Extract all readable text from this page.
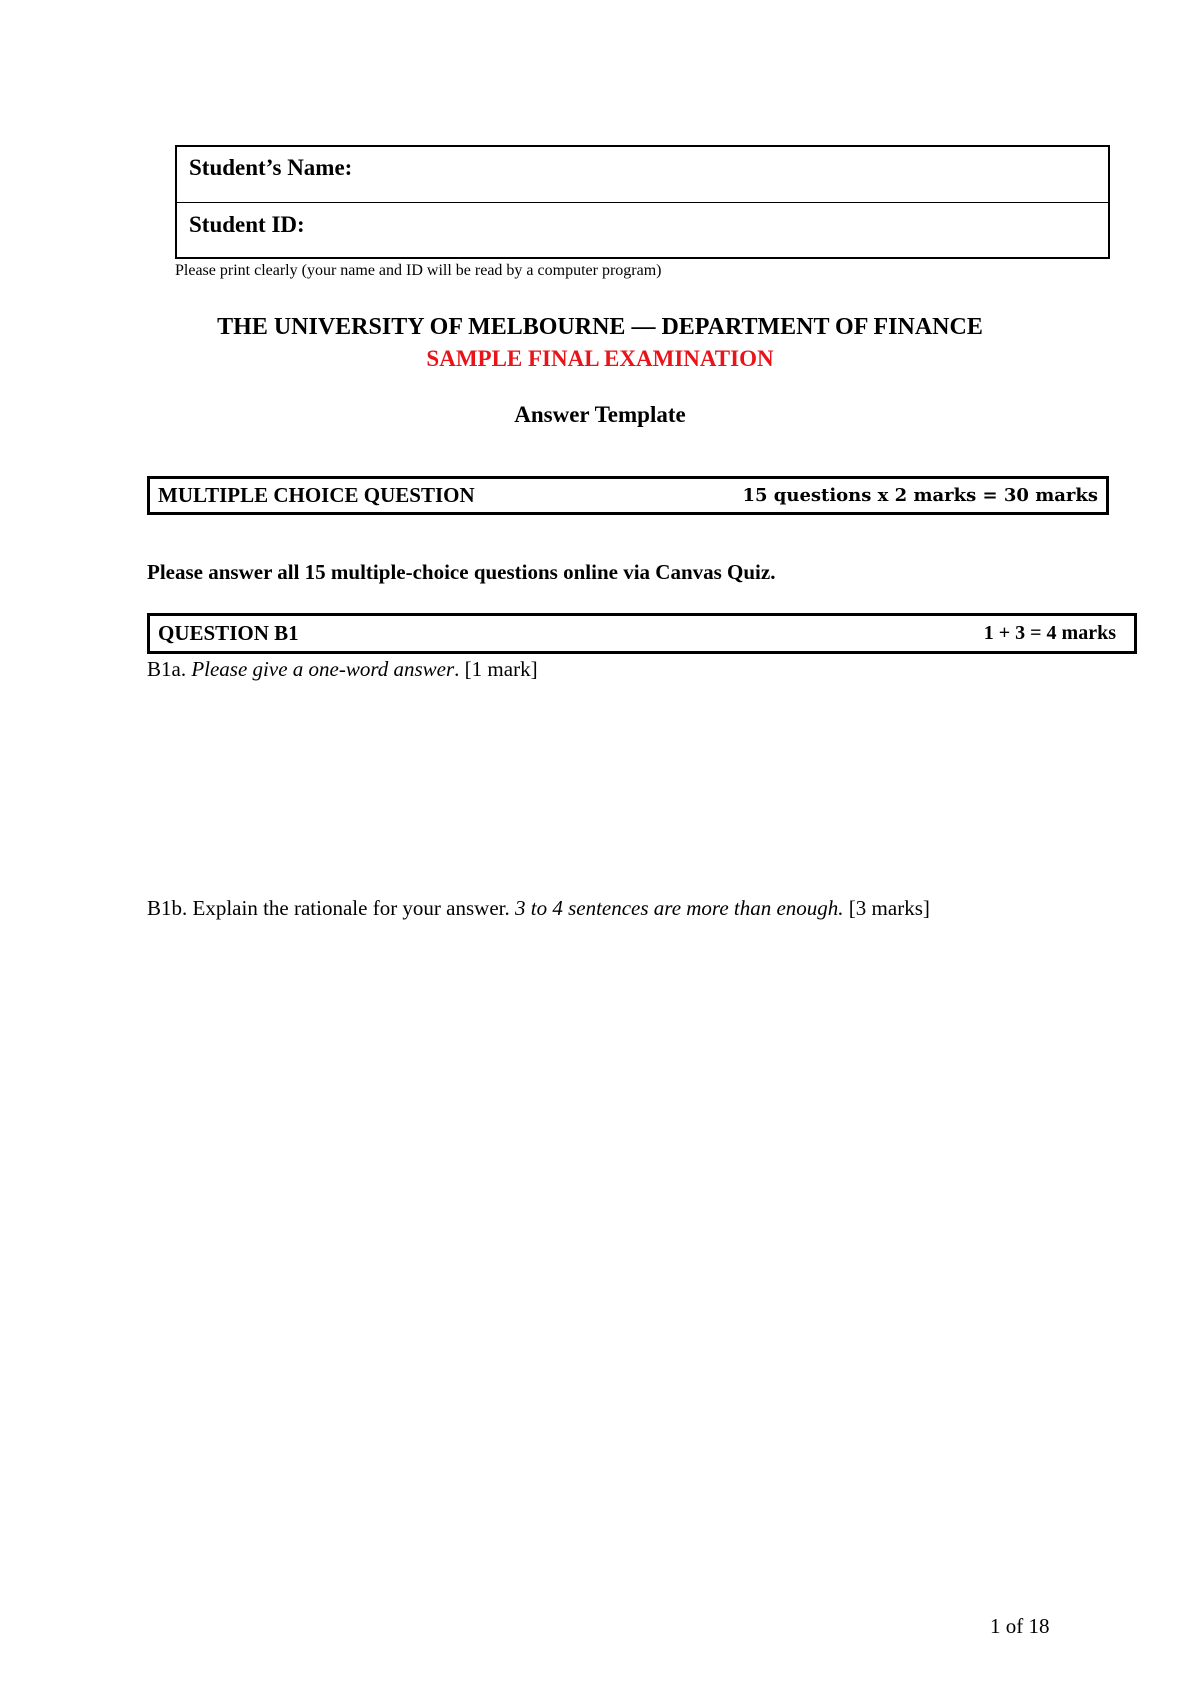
Student’s Name:
Student ID:
Please print clearly (your name and ID will be read by a computer program)
THE UNIVERSITY OF MELBOURNE — DEPARTMENT OF FINANCE
SAMPLE FINAL EXAMINATION
Answer Template
MULTIPLE CHOICE QUESTION	15 questions x 2 marks = 30 marks
Please answer all 15 multiple-choice questions online via Canvas Quiz.
QUESTION B1	1 + 3 = 4 marks
B1a. Please give a one-word answer. [1 mark]
B1b. Explain the rationale for your answer. 3 to 4 sentences are more than enough. [3 marks]
1 of 18
